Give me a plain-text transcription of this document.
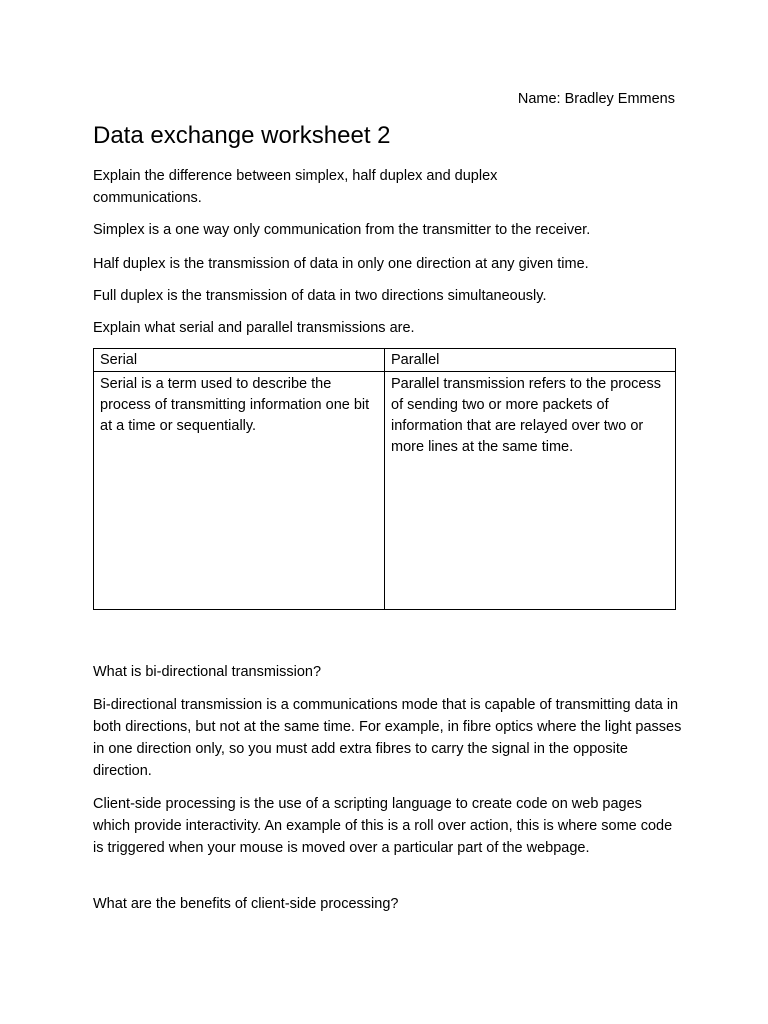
Name: Bradley Emmens
Data exchange worksheet 2

Explain the difference between simplex, half duplex and duplex communications.

Simplex is a one way only communication from the transmitter to the receiver.

Half duplex is the transmission of data in only one direction at any given time.

Full duplex is the transmission of data in two directions simultaneously.

Explain what serial and parallel transmissions are.

Serial	Parallel
Serial is a term used to describe the process of transmitting information one bit at a time or sequentially.	Parallel transmission refers to the process of sending two or more packets of information that are relayed over two or more lines at the same time.

What is bi-directional transmission?

Bi-directional transmission is a communications mode that is capable of transmitting data in both directions, but not at the same time. For example, in fibre optics where the light passes in one direction only, so you must add extra fibres to carry the signal in the opposite direction.

Client-side processing is the use of a scripting language to create code on web pages which provide interactivity. An example of this is a roll over action, this is where some code is triggered when your mouse is moved over a particular part of the webpage.

What are the benefits of client-side processing?
